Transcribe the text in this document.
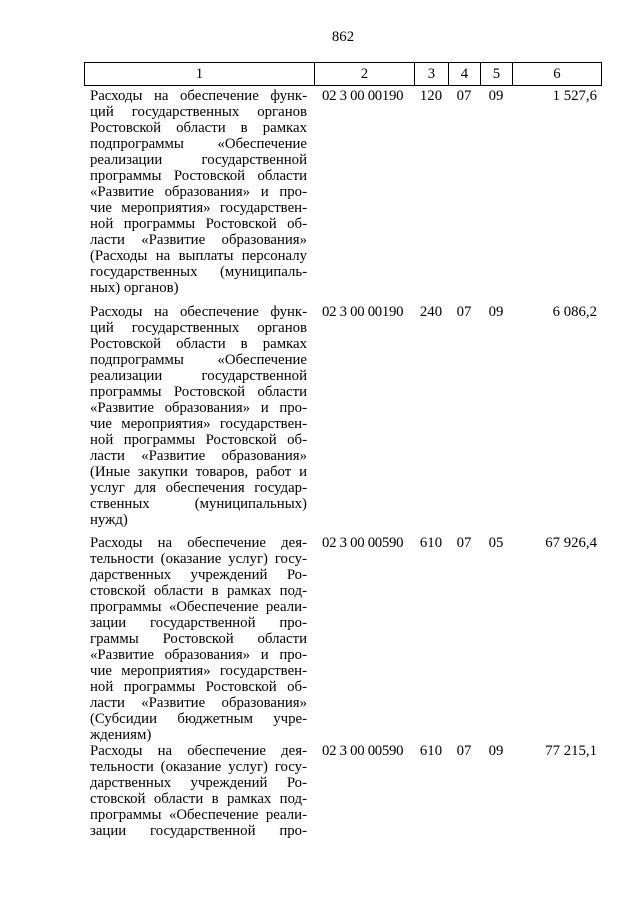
862
1	2	3	4	5	6
Расходы на обеспечение функ-
ций государственных органов
Ростовской области в рамках
подпрограммы «Обеспечение
реализации государственной
программы Ростовской области
«Развитие образования» и про-
чие мероприятия» государствен-
ной программы Ростовской об-
ласти «Развитие образования»
(Расходы на выплаты персоналу
государственных (муниципаль-
ных) органов)
02 3 00 00190	120 07	09	1 527,6
Расходы на обеспечение функ-
ций государственных органов
Ростовской области в рамках
подпрограммы «Обеспечение
реализации государственной
программы Ростовской области
«Развитие образования» и про-
чие мероприятия» государствен-
ной программы Ростовской об-
ласти «Развитие образования»
(Иные закупки товаров, работ и
услуг для обеспечения государ-
ственных (муниципальных)
нужд)
02 3 00 00190	240 07	09	6 086,2
Расходы на обеспечение дея-
тельности (оказание услуг) госу-
дарственных учреждений Ро-
стовской области в рамках под-
программы «Обеспечение реали-
зации государственной про-
граммы Ростовской области
«Развитие образования» и про-
чие мероприятия» государствен-
ной программы Ростовской об-
ласти «Развитие образования»
(Субсидии бюджетным учре-
ждениям)
02 3 00 00590	610 07	05	67 926,4
Расходы на обеспечение дея-
тельности (оказание услуг) госу-
дарственных учреждений Ро-
стовской области в рамках под-
программы «Обеспечение реали-
зации государственной про-
02 3 00 00590	610 07	09	77 215,1
